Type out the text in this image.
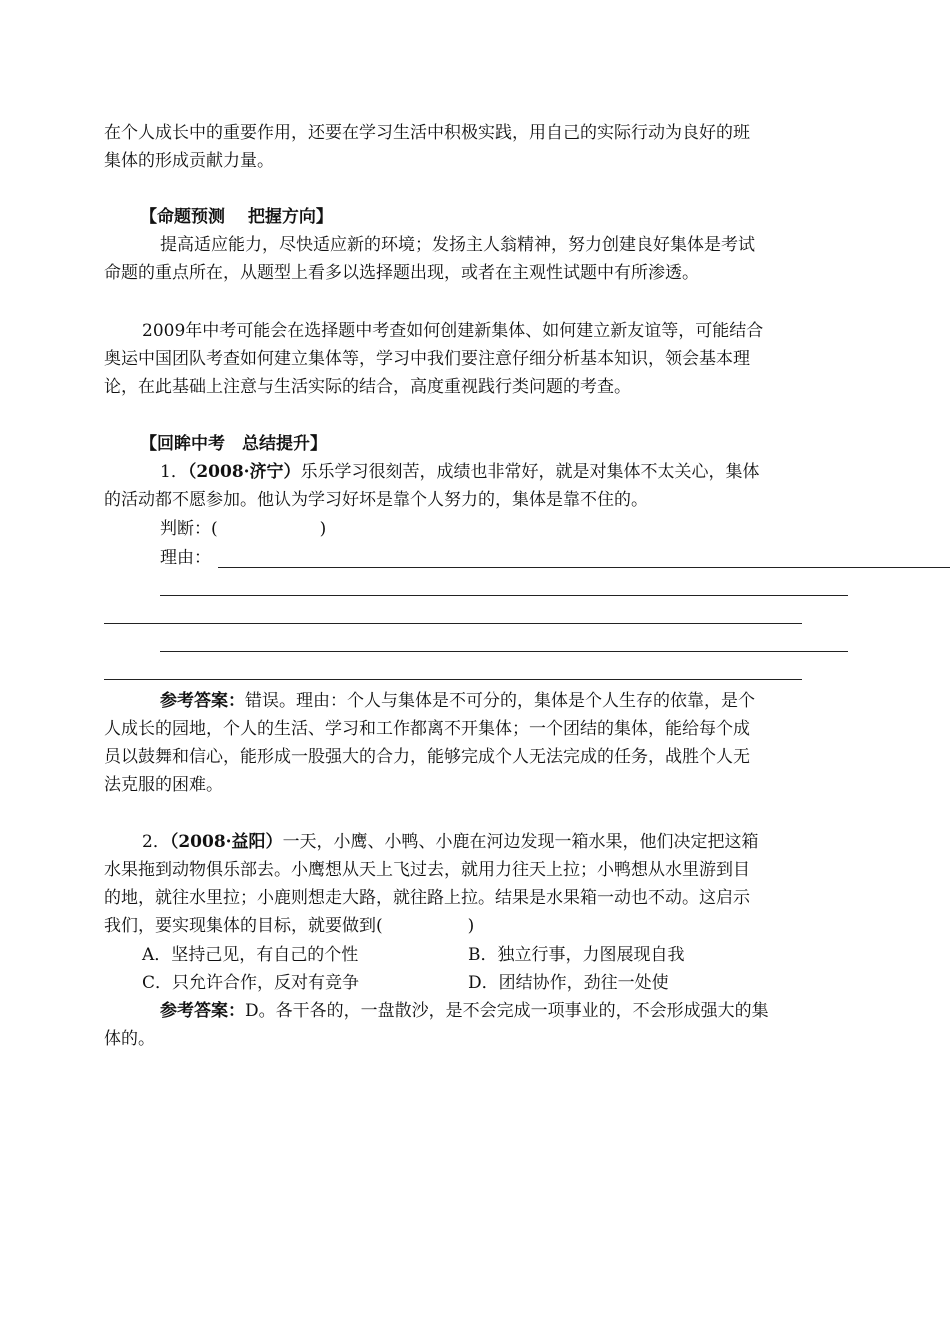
在个人成长中的重要作用，还要在学习生活中积极实践，用自己的实际行动为良好的班
集体的形成贡献力量。
【命题预测　 把握方向】
提高适应能力，尽快适应新的环境；发扬主人翁精神，努力创建良好集体是考试
命题的重点所在，从题型上看多以选择题出现，或者在主观性试题中有所渗透。
2009年中考可能会在选择题中考查如何创建新集体、如何建立新友谊等，可能结合
奥运中国团队考查如何建立集体等，学习中我们要注意仔细分析基本知识，领会基本理
论，在此基础上注意与生活实际的结合，高度重视践行类问题的考查。
【回眸中考　总结提升】
1．（2008·济宁）乐乐学习很刻苦，成绩也非常好，就是对集体不太关心，集体
的活动都不愿参加。他认为学习好坏是靠个人努力的，集体是靠不住的。
判断：(　　　　　　)
理由：
参考答案：错误。理由：个人与集体是不可分的，集体是个人生存的依靠，是个
人成长的园地，个人的生活、学习和工作都离不开集体；一个团结的集体，能给每个成
员以鼓舞和信心，能形成一股强大的合力，能够完成个人无法完成的任务，战胜个人无
法克服的困难。
2．（2008·益阳）一天，小鹰、小鸭、小鹿在河边发现一箱水果，他们决定把这箱
水果拖到动物俱乐部去。小鹰想从天上飞过去，就用力往天上拉；小鸭想从水里游到目
的地，就往水里拉；小鹿则想走大路，就往路上拉。结果是水果箱一动也不动。这启示
我们，要实现集体的目标，就要做到(　　　　　)
A．坚持己见，有自己的个性	B．独立行事，力图展现自我
C．只允许合作，反对有竞争	D．团结协作，劲往一处使
参考答案：D。各干各的，一盘散沙，是不会完成一项事业的，不会形成强大的集
体的。
